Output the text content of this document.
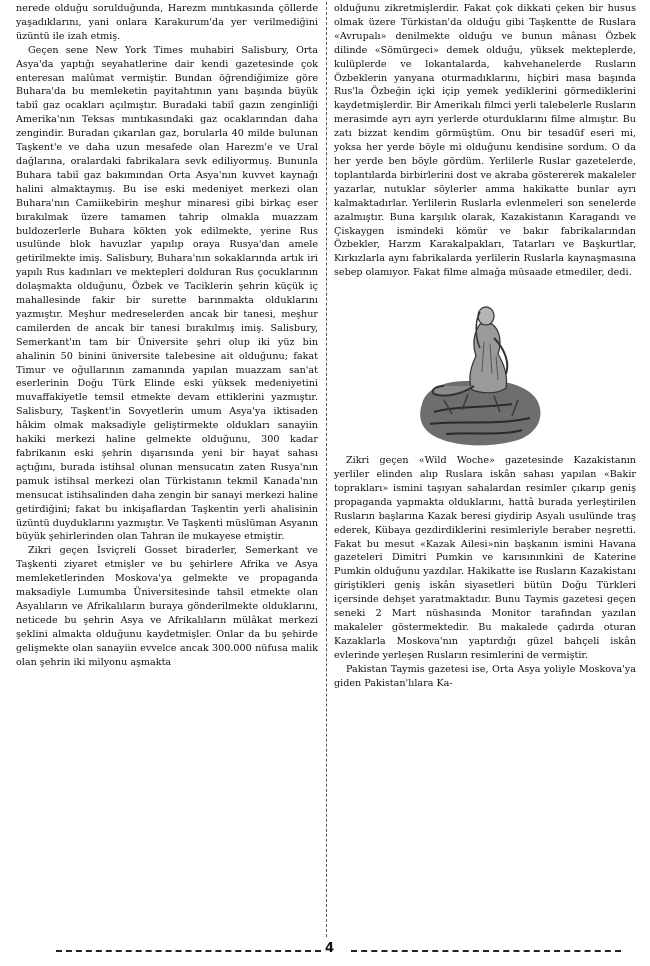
nerede olduğu sorulduğunda, Harezm mıntıkasında çöllerde yaşadıklarını, yani onlara Karakurum'da yer verilmediğini üzüntü ile izah etmiş.

Geçen sene New York Times muhabiri Salisbury, Orta Asya'da yaptığı seyahatlerine dair kendi gazetesinde çok enteresan malûmat vermiştir. Bundan öğrendiğimize göre Buhara'da bu memleketin payitahtının yanı başında büyük tabiî gaz ocakları açılmıştır. Buradaki tabiî gazın zenginliği Amerika'nın Teksas mıntıkasındaki gaz ocaklarından daha zengindir. Buradan çıkarılan gaz, borularla 40 milde bulunan Taşkent'e ve daha uzun mesafede olan Harezm'e ve Ural dağlarına, oralardaki fabrikalara sevk ediliyormuş. Bununla Buhara tabiî gaz bakımından Orta Asya'nın kuvvet kaynağı halini almaktaymış. Bu ise eski medeniyet merkezi olan Buhara'nın Camiikebirin meşhur minaresi gibi birkaç eser bırakılmak üzere tamamen tahrip olmakla muazzam buldozerlerle Buhara kökten yok edilmekte, yerine Rus usulünde blok havuzlar yapılıp oraya Rusya'dan amele getirilmekte imiş. Salisbury, Buhara'nın sokaklarında artık iri yapılı Rus kadınları ve mektepleri dolduran Rus çocuklarının dolaşmakta olduğunu, Özbek ve Taciklerin şehrin küçük iç mahallesinde fakir bir surette barınmakta olduklarını yazmıştır. Meşhur medreselerden ancak bir tanesi, meşhur camilerden de ancak bir tanesi bırakılmış imiş. Salisbury, Semerkant'ın tam bir Üniversite şehri olup iki yüz bin ahalinin 50 binini üniversite talebesine ait olduğunu; fakat Timur ve oğullarının zamanında yapılan muazzam san'at eserlerinin Doğu Türk Elinde eski yüksek medeniyetini muvaffakiyetle temsil etmekte devam ettiklerini yazmıştır. Salisbury, Taşkent'in Sovyetlerin umum Asya'ya iktisaden hâkim olmak maksadiyle geliştirmekte oldukları sanayiin hakiki merkezi haline gelmekte olduğunu, 300 kadar fabrikanın eski şehrin dışarısında yeni bir hayat sahası açtığını, burada istihsal olunan mensucatın zaten Rusya'nın pamuk istihsal merkezi olan Türkistanın tekmil Kanada'nın mensucat istihsalinden daha zengin bir sanayi merkezi haline getirdiğini; fakat bu inkişaflardan Taşkentin yerli ahalisinin üzüntü duyduklarını yazmıştır. Ve Taşkenti müslüman Asyanın büyük şehirlerinden olan Tahran ile mukayese etmiştir.

Zikri geçen İsviçreli Gosset biraderler, Semerkant ve Taşkenti ziyaret etmişler ve bu şehirlere Afrika ve Asya memleketlerinden Moskova'ya gelmekte ve propaganda maksadiyle Lumumba Üniversitesinde tahsil etmekte olan Asyalıların ve Afrikalıların buraya gönderilmekte olduklarını, neticede bu şehrin Asya ve Afrikalıların mülâkat merkezi şeklini almakta olduğunu kaydetmişler. Onlar da bu şehirde gelişmekte olan sanayiin evvelce ancak 300.000 nüfusa malik olan şehrin iki milyonu aşmakta

olduğunu zikretmişlerdir. Fakat çok dikkati çeken bir husus olmak üzere Türkistan'da olduğu gibi Taşkentte de Ruslara «Avrupalı» denilmekte olduğu ve bunun mânası Özbek dilinde «Sömürgeci» demek olduğu, yüksek mekteplerde, kulüplerde ve lokantalarda, kahvehanelerde Rusların Özbeklerin yanyana oturmadıklarını, hiçbiri masa başında Rus'la Özbeğin içki içip yemek yediklerini görmediklerini kaydetmişlerdir. Bir Amerikalı filmci yerli talebelerle Rusların merasimde ayrı ayrı yerlerde oturduklarını filme almıştır. Bu zatı bizzat kendim görmüştüm. Onu bir tesadüf eseri mi, yoksa her yerde böyle mi olduğunu kendisine sordum. O da her yerde ben böyle gördüm. Yerlilerle Ruslar gazetelerde, toplantılarda birbirlerini dost ve akraba göstererek makaleler yazarlar, nutuklar söylerler amma hakikatte bunlar ayrı kalmaktadırlar. Yerlilerin Ruslarla evlenmeleri son senelerde azalmıştır. Buna karşılık olarak, Kazakistanın Karagandı ve Çiskaygen ismindeki kömür ve bakır fabrikalarından Özbekler, Harzm Karakalpakları, Tatarları ve Başkurtlar, Kırkızlarla aynı fabrikalarda yerlilerin Ruslarla kaynaşmasına sebep olamıyor. Fakat filme almağa müsaade etmediler, dedi.

Zikri geçen «Wild Woche» gazetesinde Kazakistanın yerliler elinden alıp Ruslara iskân sahası yapılan «Bakir toprakları» ismini taşıyan sahalardan resimler çıkarıp geniş propaganda yapmakta olduklarını, hattâ burada yerleştirilen Rusların başlarına Kazak beresi giydirip Asyalı usulünde traş ederek, Kübaya gezdirdiklerini resimleriyle beraber neşretti. Fakat bu mesut «Kazak Ailesi»nin başkanın ismini Havana gazeteleri Dimitri Pumkin ve karısınınkini de Katerine Pumkin olduğunu yazdılar. Hakikatte ise Rusların Kazakistanı giriştikleri geniş iskân siyasetleri bütün Doğu Türkleri içersinde dehşet yaratmaktadır. Bunu Taymis gazetesi geçen seneki 2 Mart nüshasında Monitor tarafından yazılan makaleler göstermektedir. Bu makalede çadırda oturan Kazaklarla Moskova'nın yaptırdığı güzel bahçeli iskân evlerinde yerleşen Rusların resimlerini de vermiştir.

Pakistan Taymis gazetesi ise, Orta Asya yoliyle Moskova'ya giden Pakistan'lılara Ka-

4
